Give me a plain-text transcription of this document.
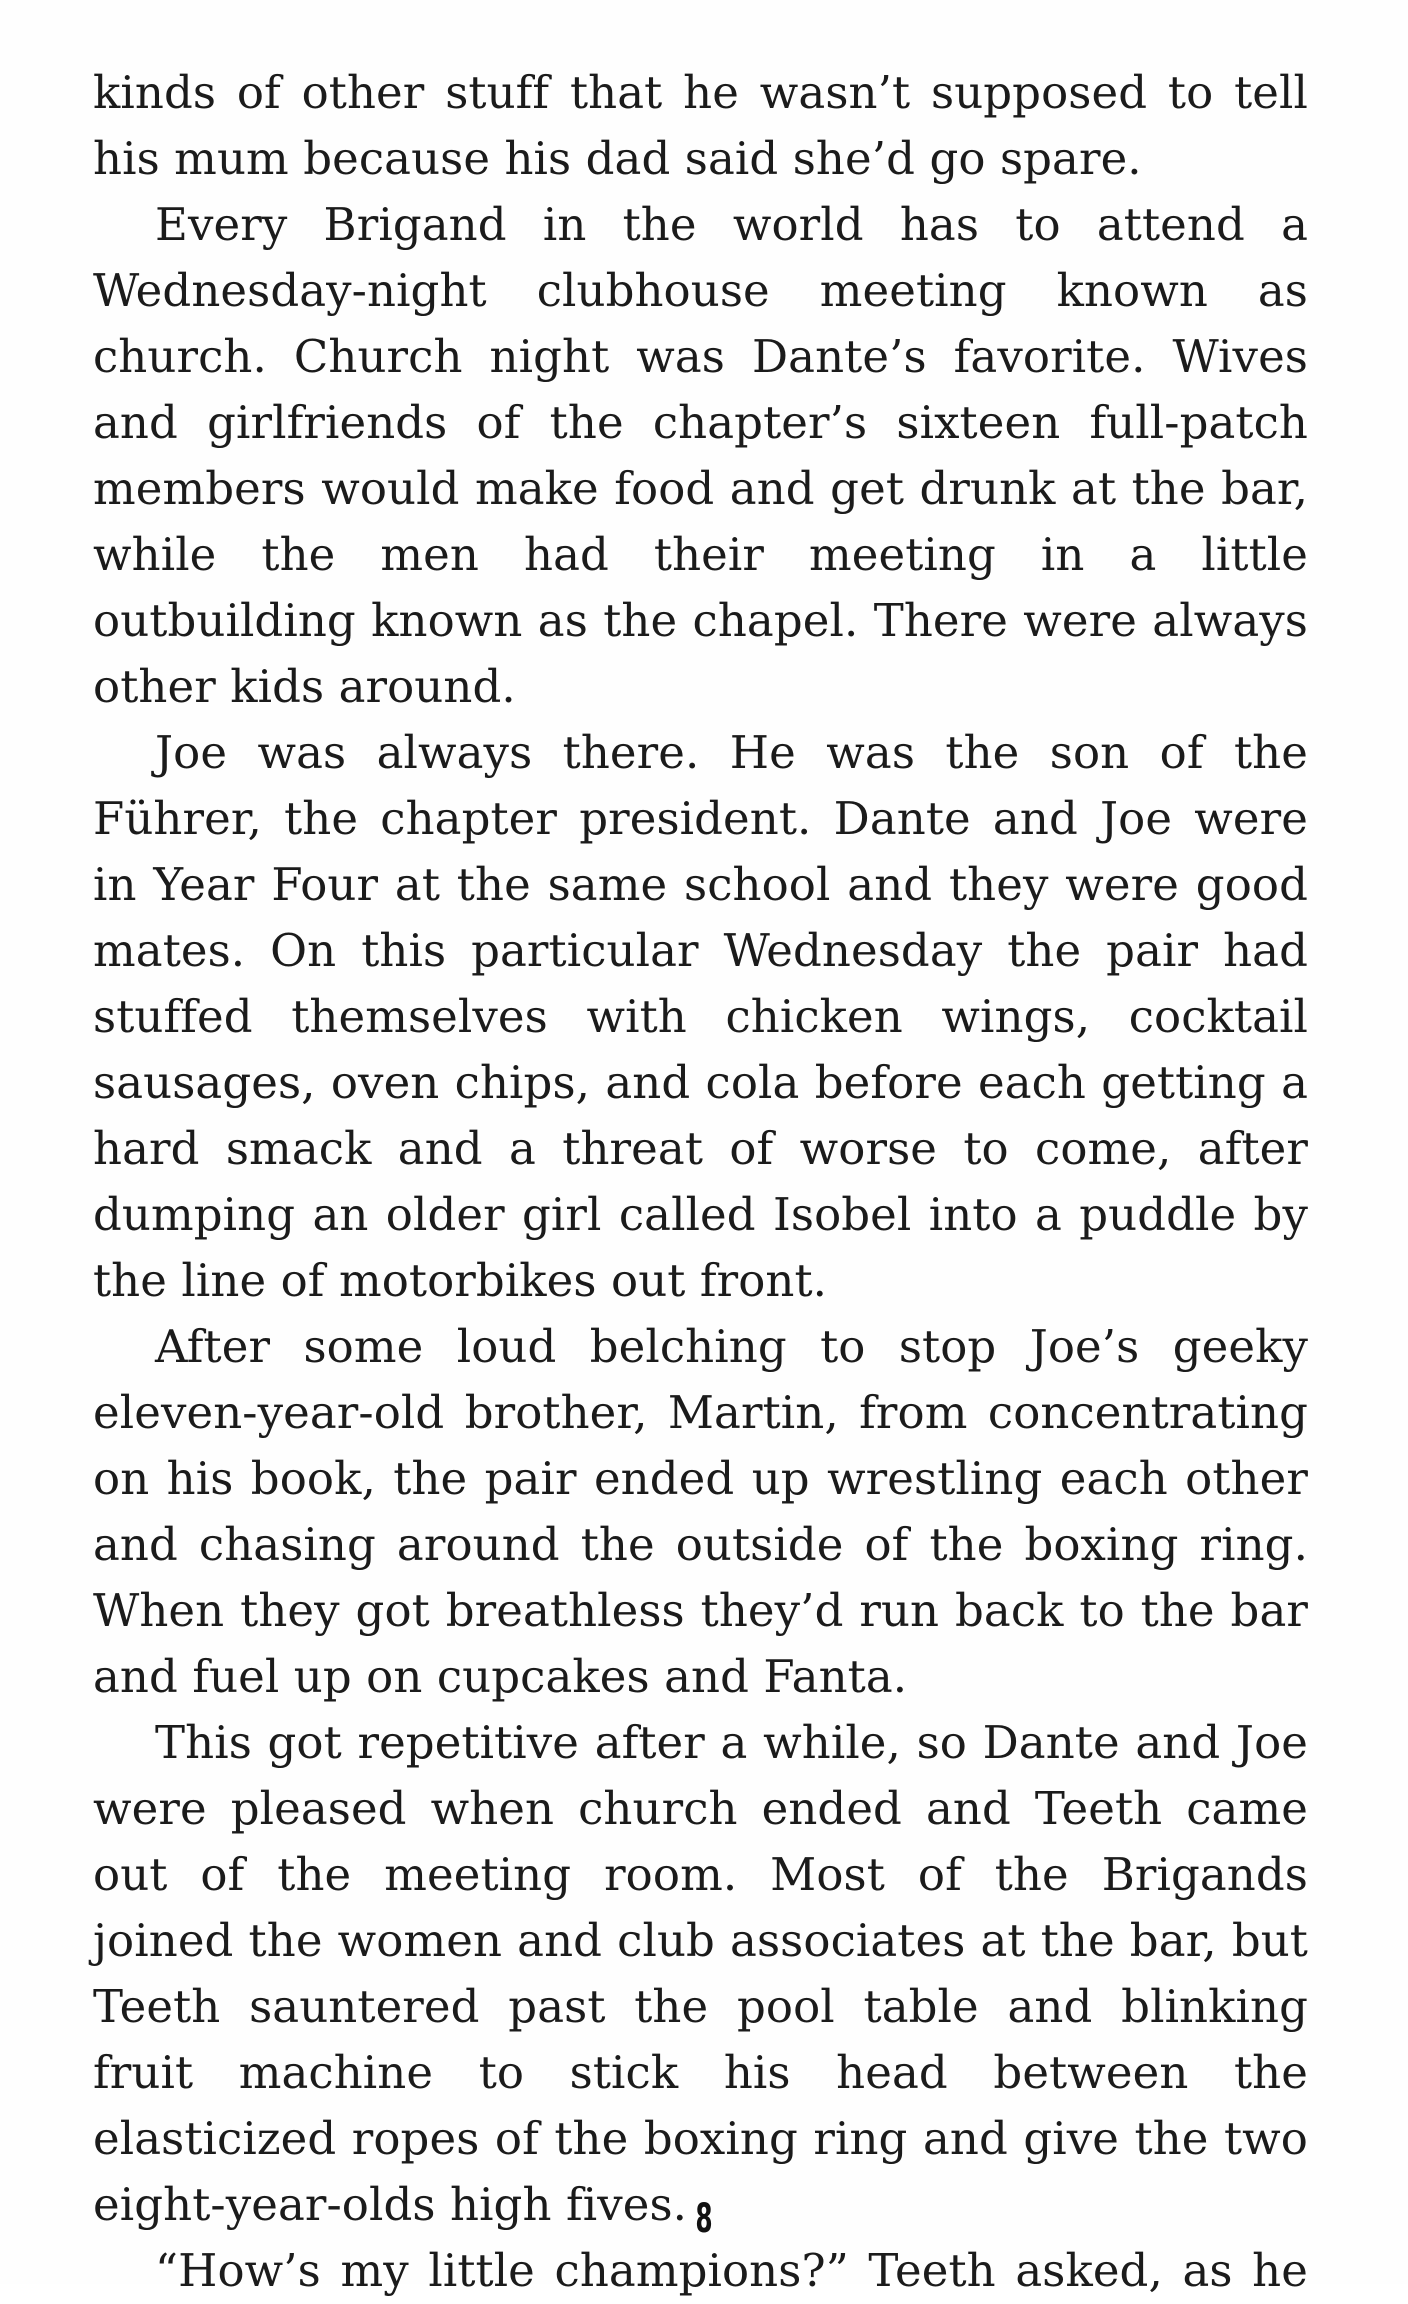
kinds of other stuff that he wasn’t supposed to tell his mum because his dad said she’d go spare.

Every Brigand in the world has to attend a Wednesday-night clubhouse meeting known as church. Church night was Dante’s favorite. Wives and girlfriends of the chapter’s sixteen full-patch members would make food and get drunk at the bar, while the men had their meeting in a little outbuilding known as the chapel. There were always other kids around.

Joe was always there. He was the son of the Führer, the chapter president. Dante and Joe were in Year Four at the same school and they were good mates. On this particular Wednesday the pair had stuffed themselves with chicken wings, cocktail sausages, oven chips, and cola before each getting a hard smack and a threat of worse to come, after dumping an older girl called Isobel into a puddle by the line of motorbikes out front.

After some loud belching to stop Joe’s geeky eleven-year-old brother, Martin, from concentrating on his book, the pair ended up wrestling each other and chasing around the outside of the boxing ring. When they got breathless they’d run back to the bar and fuel up on cupcakes and Fanta.

This got repetitive after a while, so Dante and Joe were pleased when church ended and Teeth came out of the meeting room. Most of the Brigands joined the women and club associates at the bar, but Teeth sauntered past the pool table and blinking fruit machine to stick his head between the elasticized ropes of the boxing ring and give the two eight-year-olds high fives.

“How’s my little champions?” Teeth asked, as he

8
